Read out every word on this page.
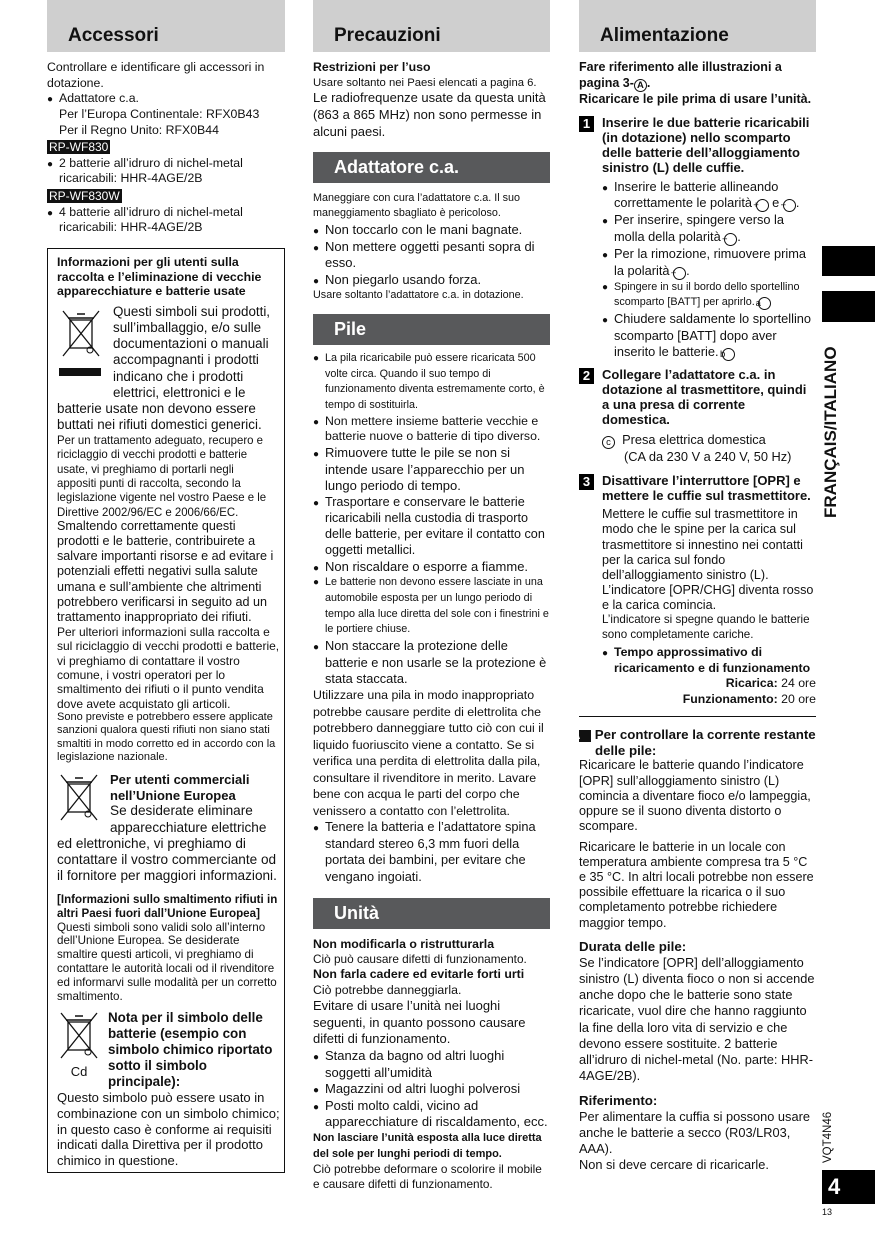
Accessori

Controllare e identificare gli accessori in dotazione.

● Adattatore c.a.

Per l’Europa Continentale: RFX0B43

Per il Regno Unito: RFX0B44

RP-WF830

● 2 batterie all’idruro di nichel-metal ricaricabili: HHR-4AGE/2B

RP-WF830W

● 4 batterie all’idruro di nichel-metal ricaricabili: HHR-4AGE/2B

Informazioni per gli utenti sulla raccolta e l’eliminazione di vecchie apparecchiature e batterie usate

Questi simboli sui prodotti, sull’imballaggio, e/o sulle documentazioni o manuali accompagnanti i prodotti indicano che i prodotti elettrici, elettronici e le batterie usate non devono essere buttati nei rifiuti domestici generici.

Per un trattamento adeguato, recupero e riciclaggio di vecchi prodotti e batterie usate, vi preghiamo di portarli negli appositi punti di raccolta, secondo la legislazione vigente nel vostro Paese e le Direttive 2002/96/EC e 2006/66/EC.

Smaltendo correttamente questi prodotti e le batterie, contribuirete a salvare importanti risorse e ad evitare i potenziali effetti negativi sulla salute umana e sull’ambiente che altrimenti potrebbero verificarsi in seguito ad un trattamento inappropriato dei rifiuti.

Per ulteriori informazioni sulla raccolta e sul riciclaggio di vecchi prodotti e batterie, vi preghiamo di contattare il vostro comune, i vostri operatori per lo smaltimento dei rifiuti o il punto vendita dove avete acquistato gli articoli.

Sono previste e potrebbero essere applicate sanzioni qualora questi rifiuti non siano stati smaltiti in modo corretto ed in accordo con la legislazione nazionale.

Per utenti commerciali nell’Unione Europea

Se desiderate eliminare apparecchiature elettriche ed elettroniche, vi preghiamo di contattare il vostro commerciante od il fornitore per maggiori informazioni.

[Informazioni sullo smaltimento rifiuti in altri Paesi fuori dall’Unione Europea]

Questi simboli sono validi solo all’interno dell’Unione Europea. Se desiderate smaltire questi articoli, vi preghiamo di contattare le autorità locali od il rivenditore ed informarvi sulle modalità per un corretto smaltimento.

Cd

Nota per il simbolo delle batterie (esempio con simbolo chimico riportato sotto il simbolo principale):

Questo simbolo può essere usato in combinazione con un simbolo chimico; in questo caso è conforme ai requisiti indicati dalla Direttiva per il prodotto chimico in questione.

Precauzioni

Restrizioni per l’uso

Usare soltanto nei Paesi elencati a pagina 6.

Le radiofrequenze usate da questa unità (863 a 865 MHz) non sono permesse in alcuni paesi.

Adattatore c.a.

Maneggiare con cura l’adattatore c.a. Il suo maneggiamento sbagliato è pericoloso.

● Non toccarlo con le mani bagnate.

● Non mettere oggetti pesanti sopra di esso.

● Non piegarlo usando forza.

Usare soltanto l’adattatore c.a. in dotazione.

Pile

● La pila ricaricabile può essere ricaricata 500 volte circa. Quando il suo tempo di funzionamento diventa estremamente corto, è tempo di sostituirla.

● Non mettere insieme batterie vecchie e batterie nuove o batterie di tipo diverso.

● Rimuovere tutte le pile se non si intende usare l’apparecchio per un lungo periodo di tempo.

● Trasportare e conservare le batterie ricaricabili nella custodia di trasporto delle batterie, per evitare il contatto con oggetti metallici.

● Non riscaldare o esporre a fiamme.

● Le batterie non devono essere lasciate in una automobile esposta per un lungo periodo di tempo alla luce diretta del sole con i finestrini e le portiere chiuse.

● Non staccare la protezione delle batterie e non usarle se la protezione è stata staccata.

Utilizzare una pila in modo inappropriato potrebbe causare perdite di elettrolita che potrebbero danneggiare tutto ciò con cui il liquido fuoriuscito viene a contatto. Se si verifica una perdita di elettrolita dalla pila, consultare il rivenditore in merito. Lavare bene con acqua le parti del corpo che venissero a contatto con l’elettrolita.

● Tenere la batteria e l’adattatore spina standard stereo 6,3 mm fuori della portata dei bambini, per evitare che vengano ingoiati.

Unità

Non modificarla o ristrutturarla

Ciò può causare difetti di funzionamento.

Non farla cadere ed evitarle forti urti

Ciò potrebbe danneggiarla.

Evitare di usare l’unità nei luoghi seguenti, in quanto possono causare difetti di funzionamento.

● Stanza da bagno od altri luoghi soggetti all’umidità

● Magazzini od altri luoghi polverosi

● Posti molto caldi, vicino ad apparecchiature di riscaldamento, ecc.

Non lasciare l’unità esposta alla luce diretta del sole per lunghi periodi di tempo.

Ciò potrebbe deformare o scolorire il mobile e causare difetti di funzionamento.

Alimentazione

Fare riferimento alle illustrazioni a pagina 3- A .

Ricaricare le pile prima di usare l’unità.

1 Inserire le due batterie ricaricabili (in dotazione) nello scomparto delle batterie dell’alloggiamento sinistro (L) delle cuffie.

● Inserire le batterie allineando correttamente le polarità + e − .

● Per inserire, spingere verso la molla della polarità − .

● Per la rimozione, rimuovere prima la polarità + .

● Spingere in su il bordo dello sportellino scomparto [BATT] per aprirlo. a

● Chiudere saldamente lo sportellino scomparto [BATT] dopo aver inserito le batterie. b

2 Collegare l’adattatore c.a. in dotazione al trasmettitore, quindi a una presa di corrente domestica.

c Presa elettrica domestica

(CA da 230 V a 240 V, 50 Hz)

3 Disattivare l’interruttore [OPR] e mettere le cuffie sul trasmettitore.

Mettere le cuffie sul trasmettitore in modo che le spine per la carica sul trasmettitore si innestino nei contatti per la carica sul fondo dell’alloggiamento sinistro (L). L’indicatore [OPR/CHG] diventa rosso e la carica comincia.

L’indicatore si spegne quando le batterie sono completamente cariche.

● Tempo approssimativo di ricaricamento e di funzionamento

Ricarica: 24 ore

Funzionamento: 20 ore

A Per controllare la corrente restante delle pile:

Ricaricare le batterie quando l’indicatore [OPR] sull’alloggiamento sinistro (L) comincia a diventare fioco e/o lampeggia, oppure se il suono diventa distorto o scompare.

Ricaricare le batterie in un locale con temperatura ambiente compresa tra 5 °C e 35 °C. In altri locali potrebbe non essere possibile effettuare la ricarica o il suo completamento potrebbe richiedere maggior tempo.

Durata delle pile:

Se l’indicatore [OPR] dell’alloggiamento sinistro (L) diventa fioco o non si accende anche dopo che le batterie sono state ricaricate, vuol dire che hanno raggiunto la fine della loro vita di servizio e che devono essere sostituite. 2 batterie all’idruro di nichel-metal (No. parte: HHR- 4AGE/2B).

Riferimento:

Per alimentare la cuffia si possono usare anche le batterie a secco (R03/LR03, AAA).

Non si deve cercare di ricaricarle.

FRANÇAIS/ITALIANO
VQT4N46
4
13
